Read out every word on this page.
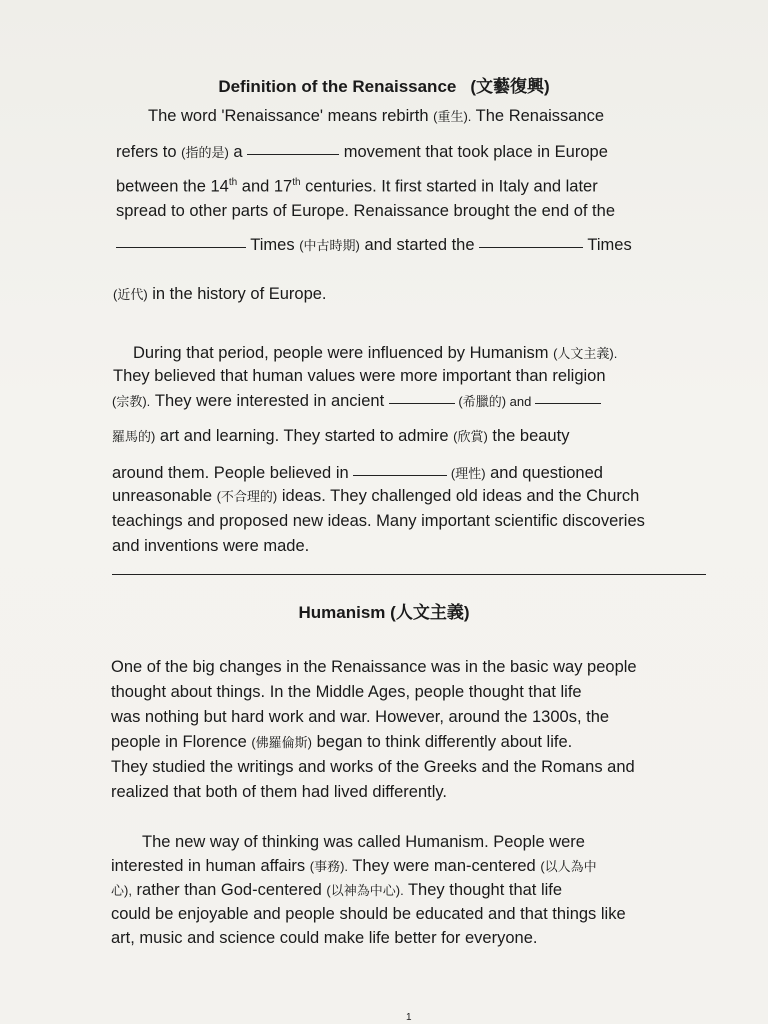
Definition of the Renaissance (文藝復興)
The word 'Renaissance' means rebirth (重生). The Renaissance
refers to (指的是) a	movement that took place in Europe
between the 14th and 17th centuries. It first started in Italy and later
spread to other parts of Europe. Renaissance brought the end of the
Times (中古時期) and started the	Times
(近代) in the history of Europe.
During that period, people were influenced by Humanism (人文主義).
They believed that human values were more important than religion
(宗教). They were interested in ancient	(希臘的) and
羅馬的) art and learning. They started to admire (欣賞) the beauty
around them. People believed in	(理性) and questioned
unreasonable (不合理的) ideas. They challenged old ideas and the Church
teachings and proposed new ideas. Many important scientific discoveries
and inventions were made.
Humanism (人文主義)
One of the big changes in the Renaissance was in the basic way people
thought about things. In the Middle Ages, people thought that life
was nothing but hard work and war. However, around the 1300s, the
people in Florence (佛羅倫斯) began to think differently about life.
They studied the writings and works of the Greeks and the Romans and
realized that both of them had lived differently.
The new way of thinking was called Humanism. People were
interested in human affairs (事務). They were man-centered (以人為中
心), rather than God-centered (以神為中心). They thought that life
could be enjoyable and people should be educated and that things like
art, music and science could make life better for everyone.
1
